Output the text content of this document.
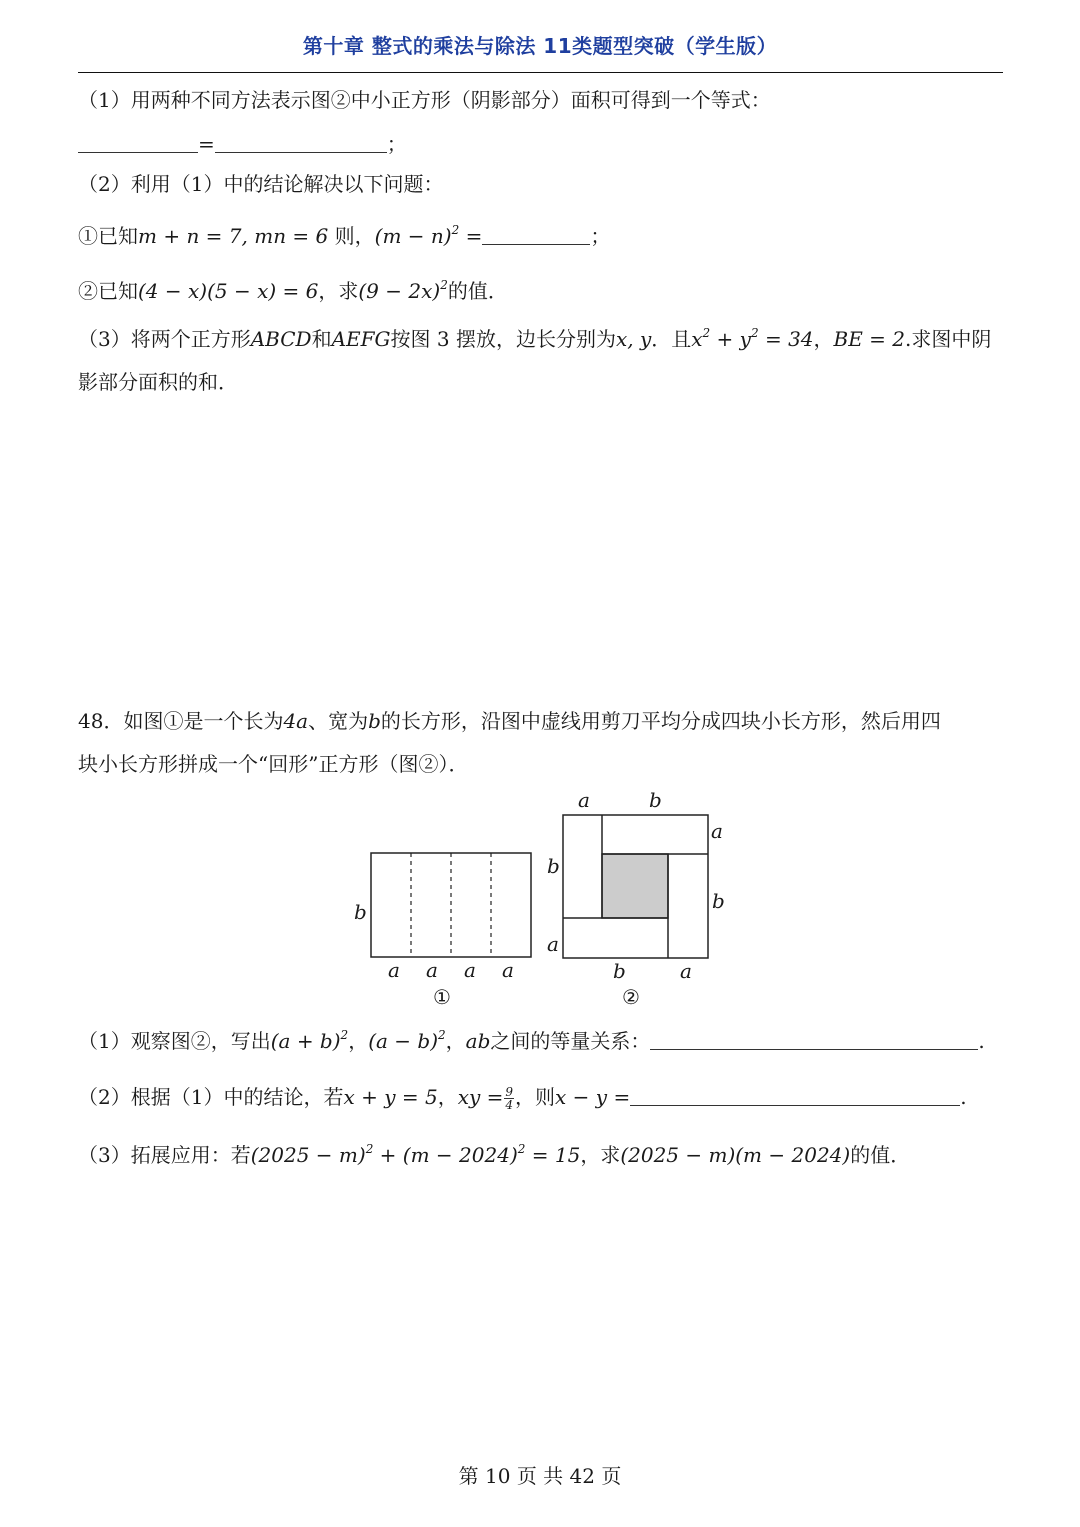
第十章 整式的乘法与除法 11类题型突破（学生版）
（1）用两种不同方法表示图②中小正方形（阴影部分）面积可得到一个等式：
=	；
（2）利用（1）中的结论解决以下问题：
①已知m + n = 7, mn = 6 则，$(m - n)^2$ =	；
②已知(4 − x)(5 − x) = 6，求$(9 - 2x)^2$的值．
（3）将两个正方形ABCD和AEFG按图 3 摆放，边长分别为x, y．且$x^2 + y^2 = 34$，BE = 2.求图中阴
影部分面积的和．
48．如图①是一个长为4a、宽为b的长方形，沿图中虚线用剪刀平均分成四块小长方形，然后用四
块小长方形拼成一个“回形”正方形（图②）．
b
a a a a
①
a	b
a
b
b
a
b	a
②
（1）观察图②，写出$(a + b)^2$，$(a - b)^2$，ab之间的等量关系：	.
（2）根据（1）中的结论，若x + y = 5，xy = $\frac{9}{4}$ ，则x − y =	.
（3）拓展应用：若$(2025 - m)^2 + (m - 2024)^2 = 15$，求(2025 − m)(m − 2024)的值．
第 10 页 共 42 页
